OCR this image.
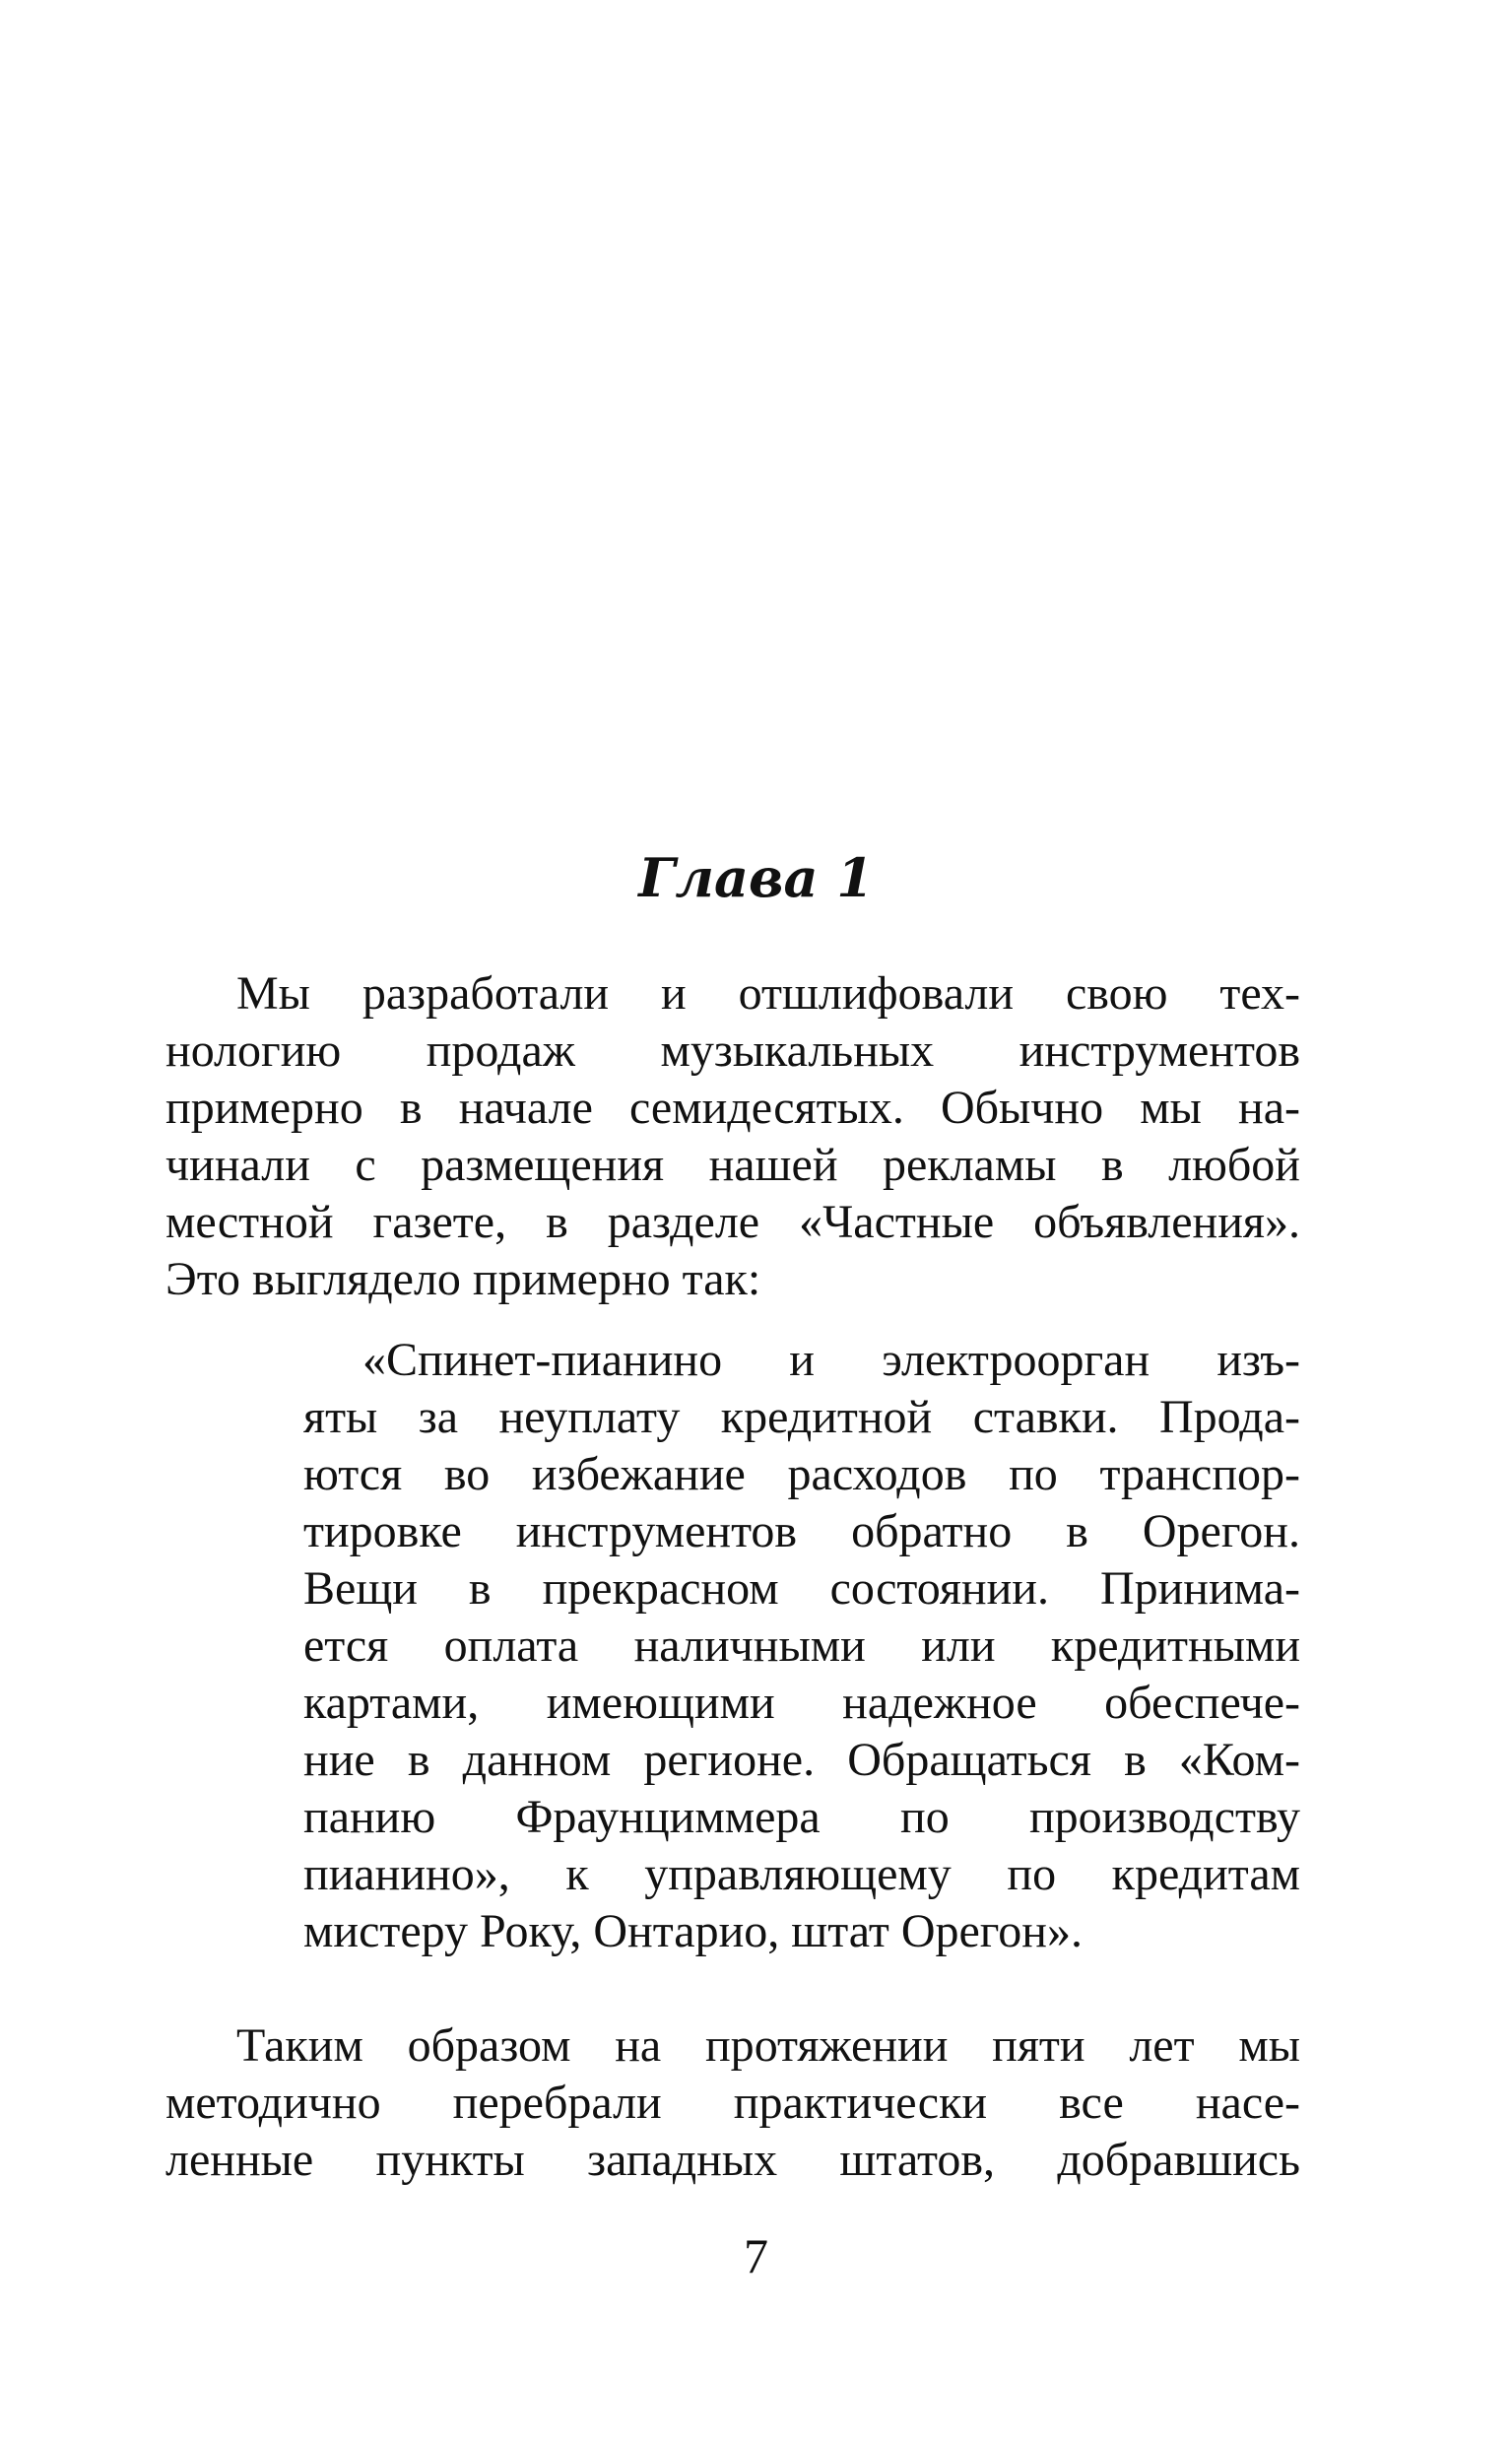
Глава 1
Мы разработали и отшлифовали свою тех-
нологию продаж музыкальных инструментов
примерно в начале семидесятых. Обычно мы на-
чинали с размещения нашей рекламы в любой
местной газете, в разделе «Частные объявления».
Это выглядело примерно так:
«Спинет-пианино и электроорган изъ-
яты за неуплату кредитной ставки. Прода-
ются во избежание расходов по транспор-
тировке инструментов обратно в Орегон.
Вещи в прекрасном состоянии. Принима-
ется оплата наличными или кредитными
картами, имеющими надежное обеспече-
ние в данном регионе. Обращаться в «Ком-
панию Фраунциммера по производству
пианино», к управляющему по кредитам
мистеру Року, Онтарио, штат Орегон».
Таким образом на протяжении пяти лет мы
методично перебрали практически все насе-
ленные пункты западных штатов, добравшись
7
